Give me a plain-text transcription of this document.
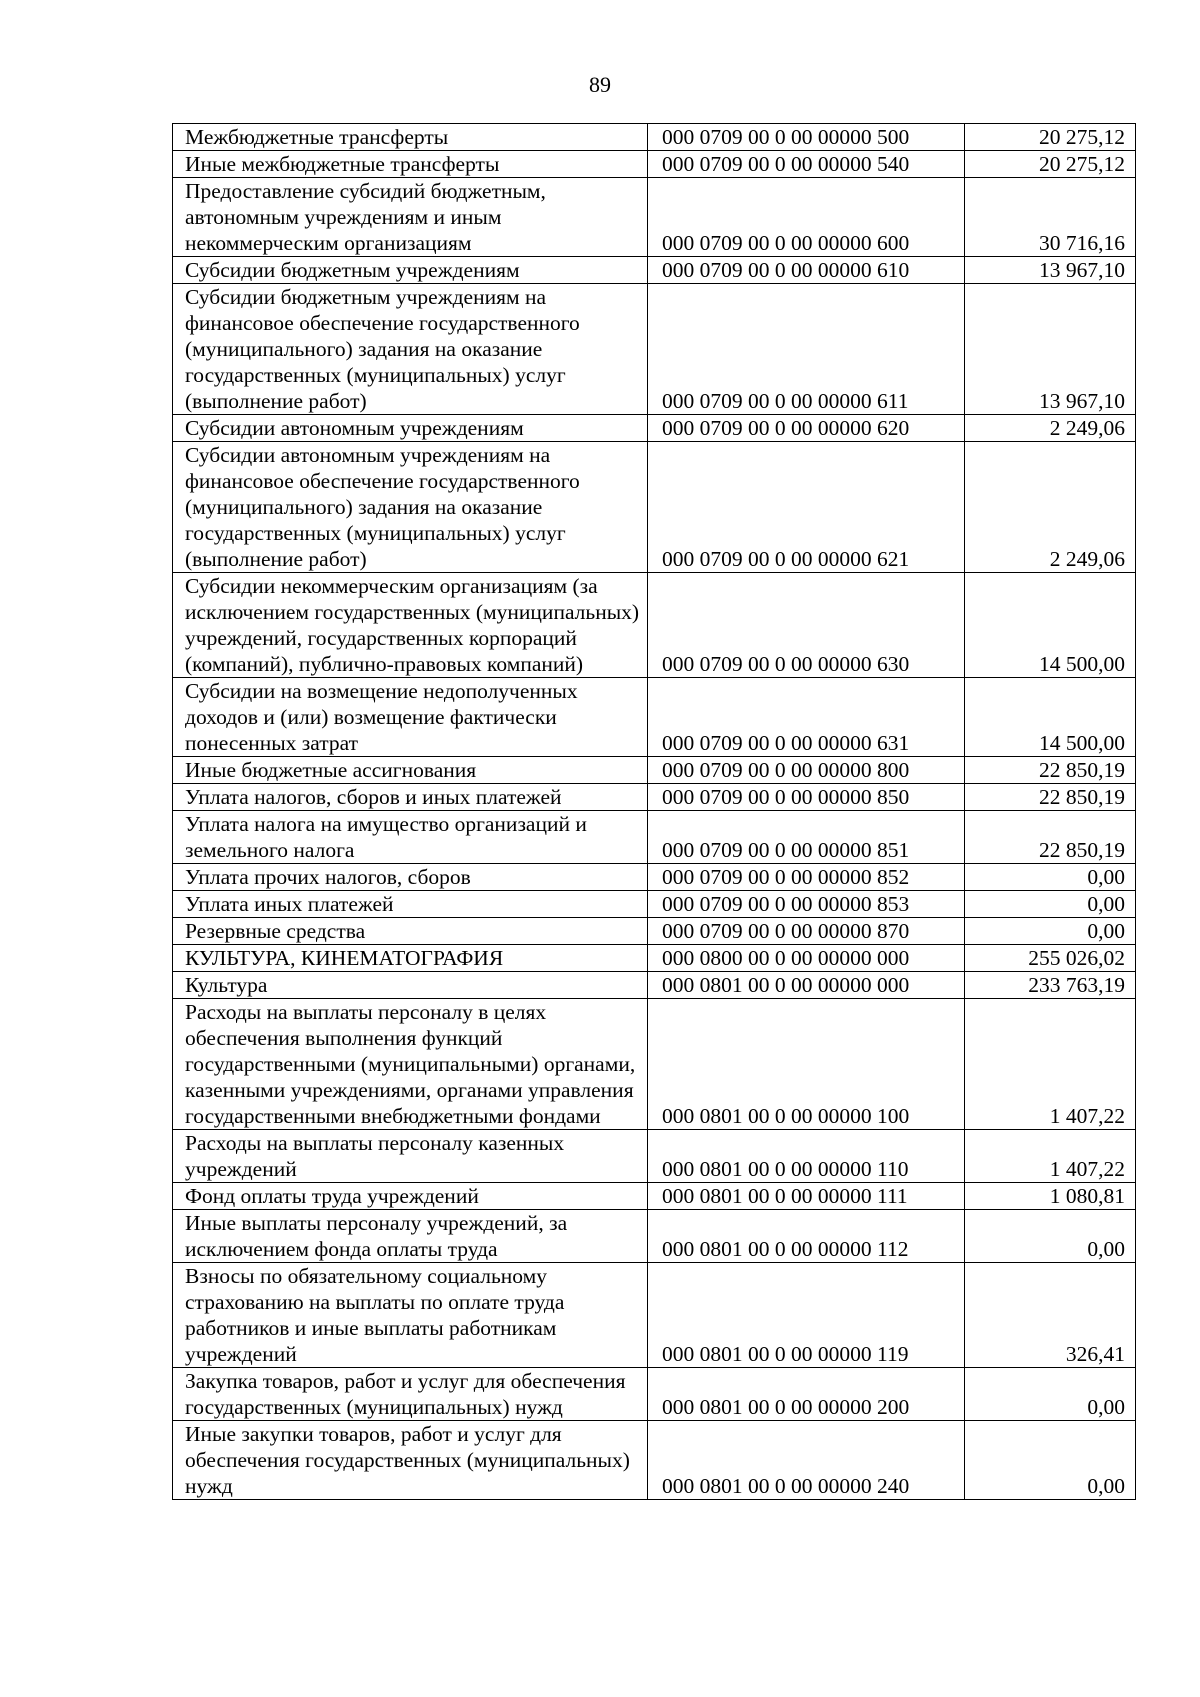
89
Межбюджетные трансферты	000 0709 00 0 00 00000 500	20 275,12
Иные межбюджетные трансферты	000 0709 00 0 00 00000 540	20 275,12
Предоставление субсидий бюджетным, автономным учреждениям и иным некоммерческим организациям	000 0709 00 0 00 00000 600	30 716,16
Субсидии бюджетным учреждениям	000 0709 00 0 00 00000 610	13 967,10
Субсидии бюджетным учреждениям на финансовое обеспечение государственного (муниципального) задания на оказание государственных (муниципальных) услуг (выполнение работ)	000 0709 00 0 00 00000 611	13 967,10
Субсидии автономным учреждениям	000 0709 00 0 00 00000 620	2 249,06
Субсидии автономным учреждениям на финансовое обеспечение государственного (муниципального) задания на оказание государственных (муниципальных) услуг (выполнение работ)	000 0709 00 0 00 00000 621	2 249,06
Субсидии некоммерческим организациям (за исключением государственных (муниципальных) учреждений, государственных корпораций (компаний), публично-правовых компаний)	000 0709 00 0 00 00000 630	14 500,00
Субсидии на возмещение недополученных доходов и (или) возмещение фактически понесенных затрат	000 0709 00 0 00 00000 631	14 500,00
Иные бюджетные ассигнования	000 0709 00 0 00 00000 800	22 850,19
Уплата налогов, сборов и иных платежей	000 0709 00 0 00 00000 850	22 850,19
Уплата налога на имущество организаций и земельного налога	000 0709 00 0 00 00000 851	22 850,19
Уплата прочих налогов, сборов	000 0709 00 0 00 00000 852	0,00
Уплата иных платежей	000 0709 00 0 00 00000 853	0,00
Резервные средства	000 0709 00 0 00 00000 870	0,00
КУЛЬТУРА, КИНЕМАТОГРАФИЯ	000 0800 00 0 00 00000 000	255 026,02
Культура	000 0801 00 0 00 00000 000	233 763,19
Расходы на выплаты персоналу в целях обеспечения выполнения функций государственными (муниципальными) органами, казенными учреждениями, органами управления государственными внебюджетными фондами	000 0801 00 0 00 00000 100	1 407,22
Расходы на выплаты персоналу казенных учреждений	000 0801 00 0 00 00000 110	1 407,22
Фонд оплаты труда учреждений	000 0801 00 0 00 00000 111	1 080,81
Иные выплаты персоналу учреждений, за исключением фонда оплаты труда	000 0801 00 0 00 00000 112	0,00
Взносы по обязательному социальному страхованию на выплаты по оплате труда работников и иные выплаты работникам учреждений	000 0801 00 0 00 00000 119	326,41
Закупка товаров, работ и услуг для обеспечения государственных (муниципальных) нужд	000 0801 00 0 00 00000 200	0,00
Иные закупки товаров, работ и услуг для обеспечения государственных (муниципальных) нужд	000 0801 00 0 00 00000 240	0,00
